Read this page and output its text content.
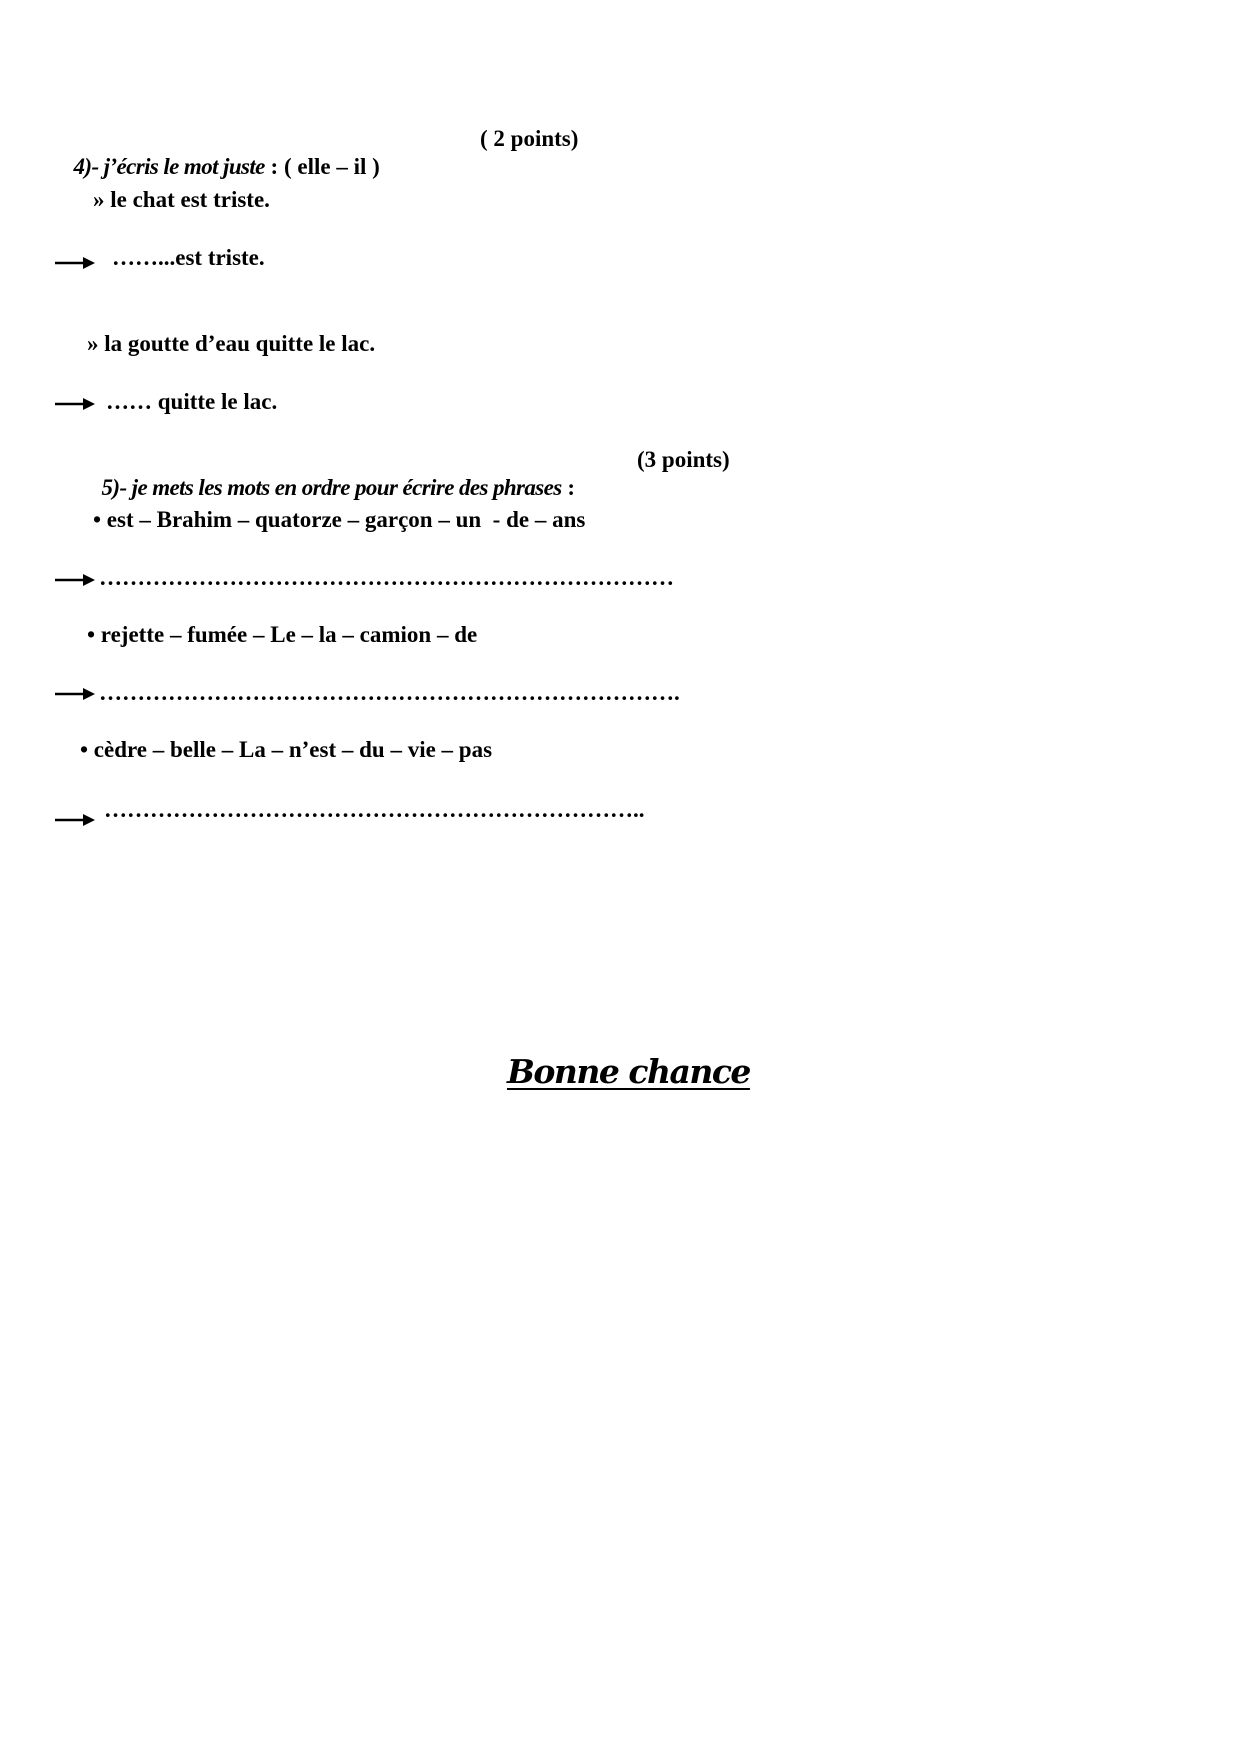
4)- j’écris le mot juste : ( elle – il )

( 2 points)
» le chat est triste.
……...est triste.
» la goutte d’eau quitte le lac.
…… quitte le lac.

5)- je mets les mots en ordre pour écrire des phrases :

(3 points)
• est – Brahim – quatorze – garçon – un  - de – ans
…………………………………………………………………
• rejette – fumée – Le – la – camion – de
………………………………………………………………….
• cèdre – belle – La – n’est – du – vie – pas
……………………………………………………………..
Bonne chance
